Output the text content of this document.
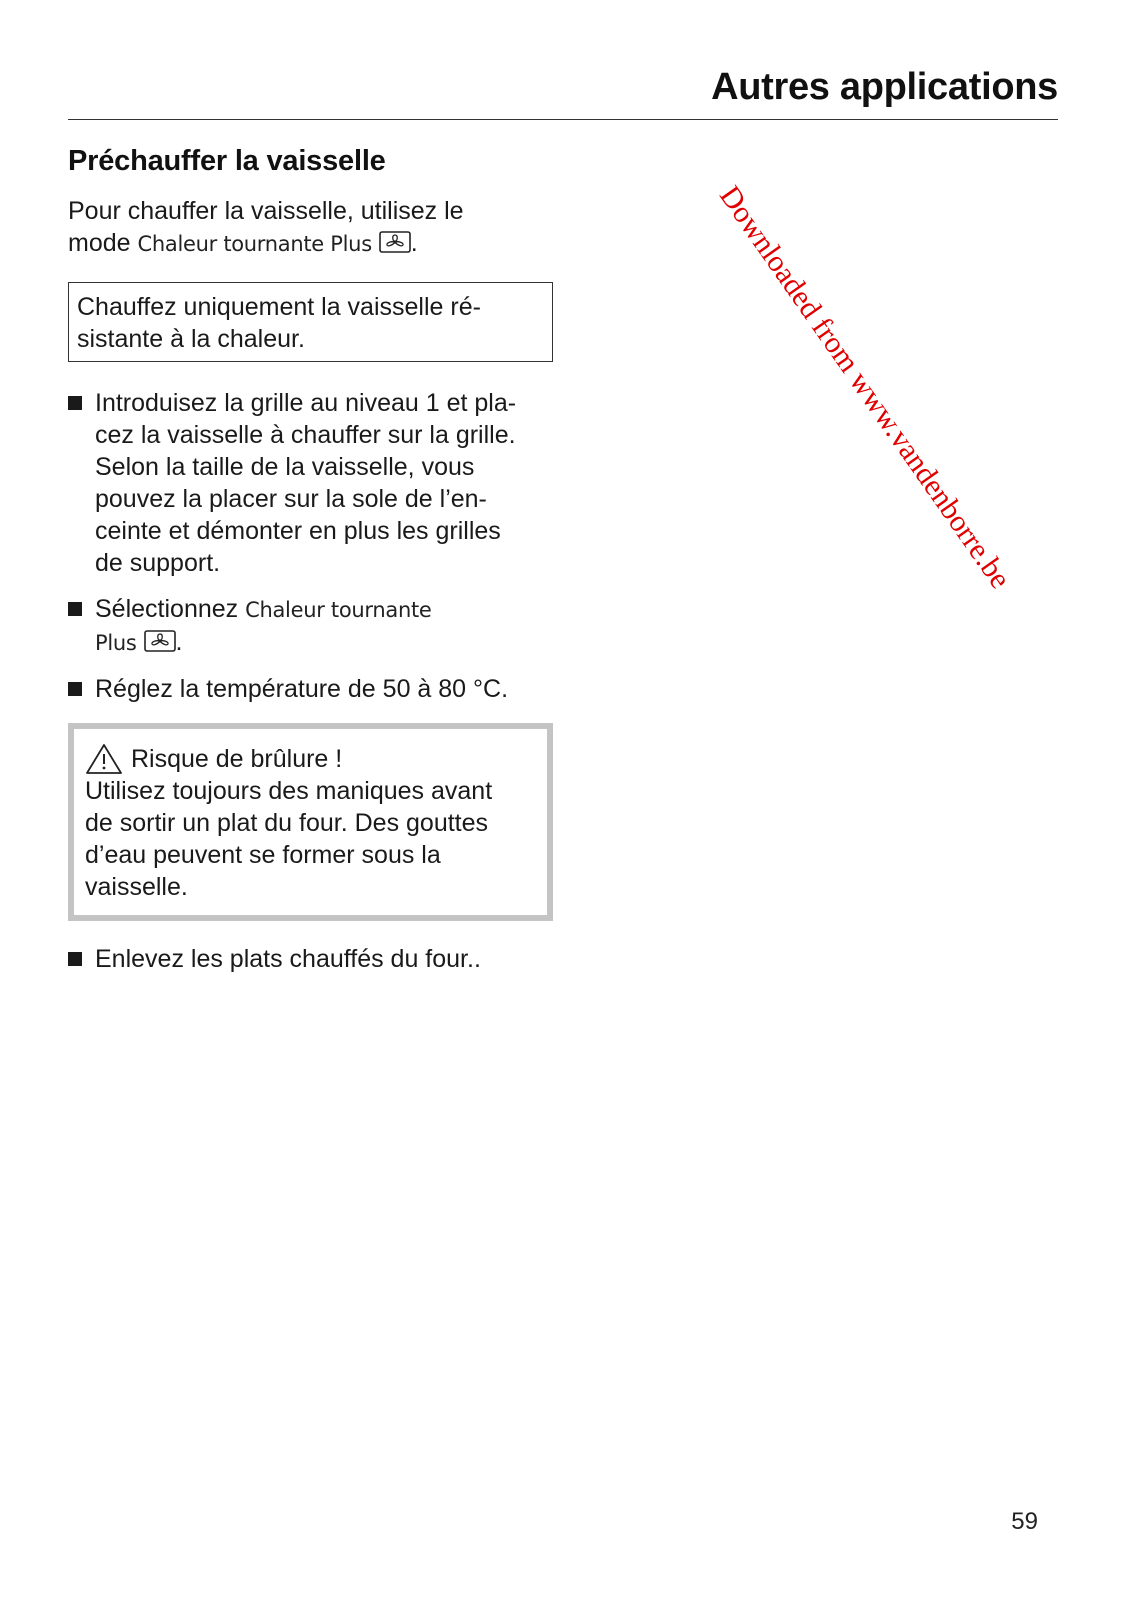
Autres applications
Préchauffer la vaisselle

Pour chauffer la vaisselle, utilisez le
mode Chaleur tournante Plus .

Chauffez uniquement la vaisselle ré-
sistante à la chaleur.
Introduisez la grille au niveau 1 et pla-
cez la vaisselle à chauffer sur la grille.
Selon la taille de la vaisselle, vous
pouvez la placer sur la sole de l’en-
ceinte et démonter en plus les grilles
de support.
Sélectionnez Chaleur tournante
Plus .
Réglez la température de 50 à 80 °C.
Risque de brûlure !
Utilisez toujours des maniques avant
de sortir un plat du four. Des gouttes
d’eau peuvent se former sous la
vaisselle.
Enlevez les plats chauffés du four..
Downloaded from www.vandenborre.be
59
